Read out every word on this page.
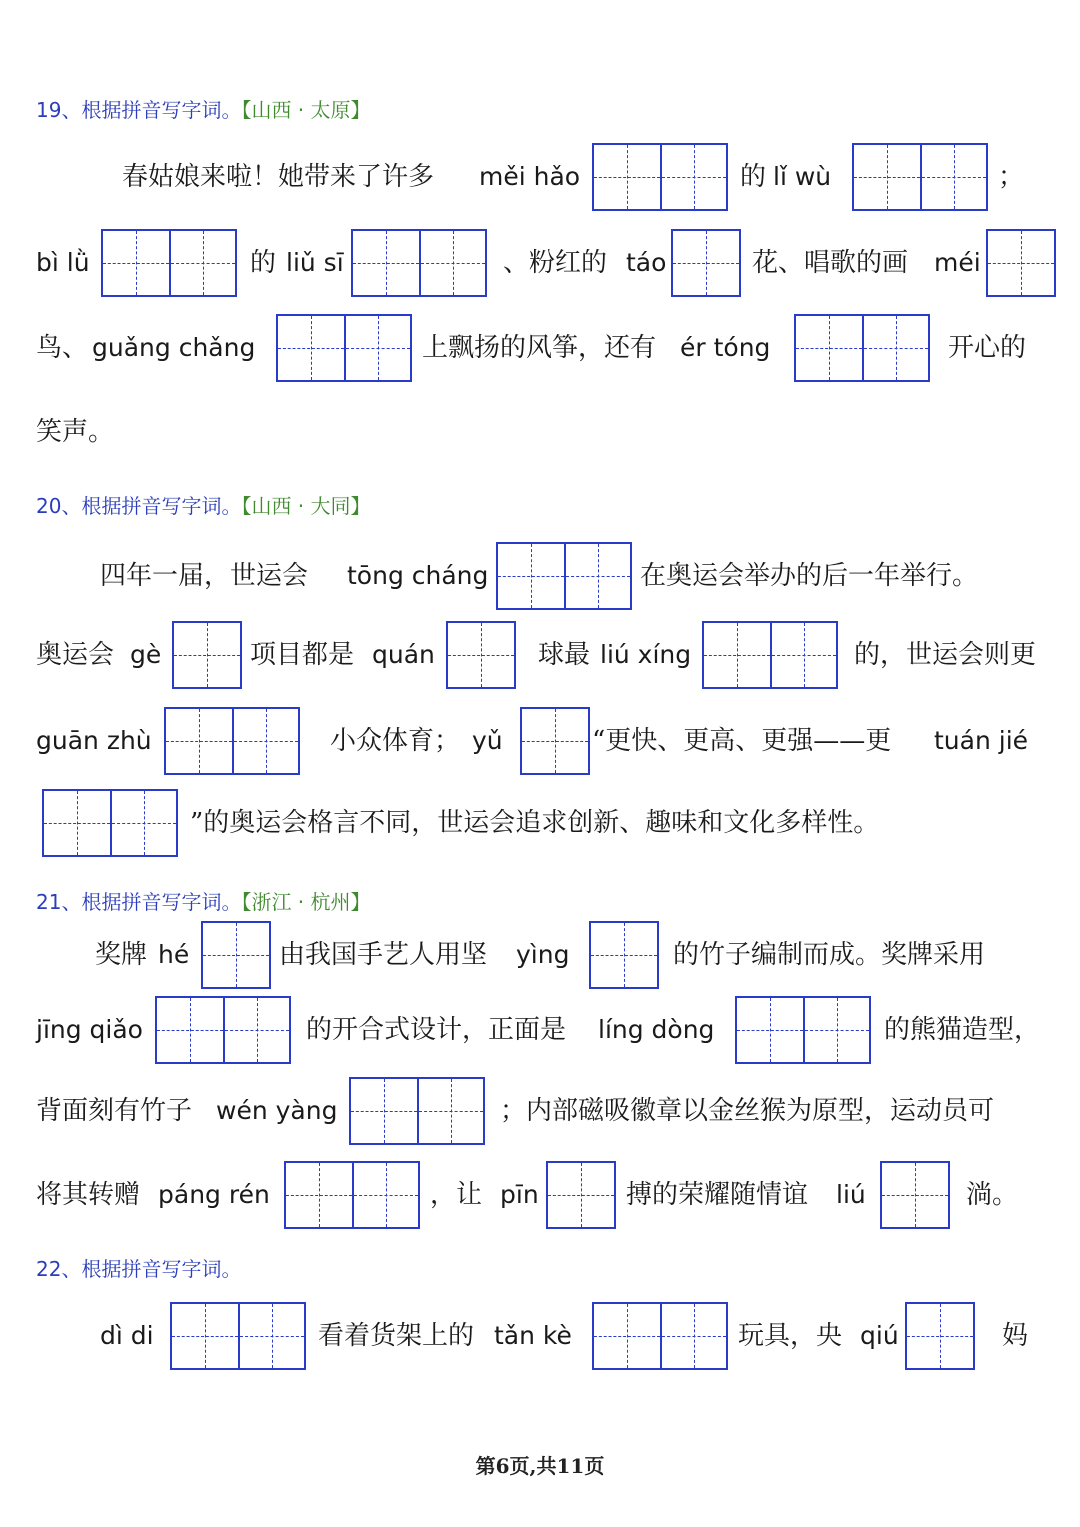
19、根据拼音写字词。【山西 · 太原】
春姑娘来啦！她带来了许多 měi hǎo	的 lǐ wù	；
bì lǜ	的 liǔ sī	、粉红的 táo	花、唱歌的画 méi
鸟、 guǎng chǎng	上飘扬的风筝，还有 ér tóng	开心的
笑声。
20、根据拼音写字词。【山西 · 大同】
四年一届，世运会 tōng cháng	在奥运会举办的后一年举行。
奥运会 gè	项目都是 quán	球最 liú xíng	的，世运会则更
guān zhù	小众体育； yǔ	“更快、更高、更强——更 tuán jié
”的奥运会格言不同，世运会追求创新、趣味和文化多样性。
21、根据拼音写字词。【浙江 · 杭州】
奖牌 hé	由我国手艺人用坚 yìng	的竹子编制而成。奖牌采用
jīng qiǎo	的开合式设计，正面是 líng dòng	的熊猫造型，
背面刻有竹子 wén yàng	；内部磁吸徽章以金丝猴为原型，运动员可
将其转赠 páng rén	，让 pīn	搏的荣耀随情谊 liú	淌。
22、根据拼音写字词。
dì di	看着货架上的 tǎn kè	玩具，央 qiú	妈
第6页,共11页
